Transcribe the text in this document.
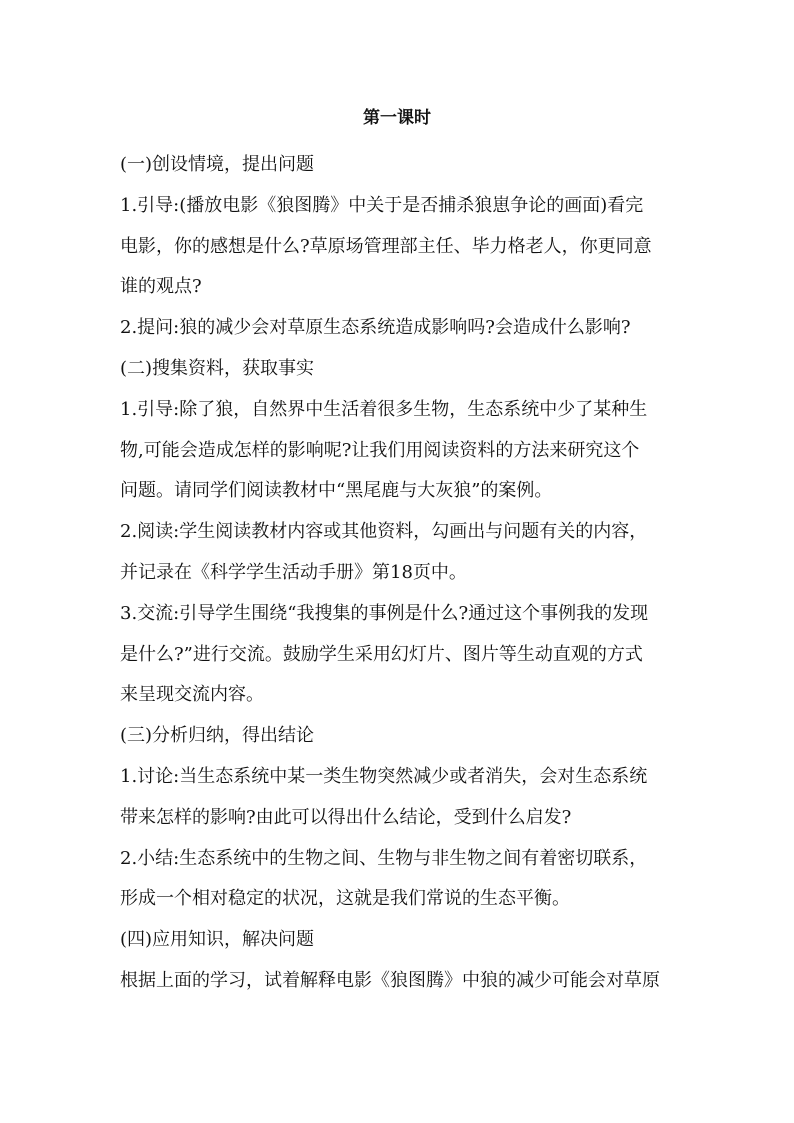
第一课时

(一)创设情境，提出问题

1.引导:(播放电影《狼图腾》中关于是否捕杀狼崽争论的画面)看完

电影，你的感想是什么?草原场管理部主任、毕力格老人，你更同意

谁的观点?

2.提问:狼的减少会对草原生态系统造成影响吗?会造成什么影响?

(二)搜集资料，获取事实

1.引导:除了狼，自然界中生活着很多生物，生态系统中少了某种生

物,可能会造成怎样的影响呢?让我们用阅读资料的方法来研究这个

问题。请同学们阅读教材中“黑尾鹿与大灰狼”的案例。

2.阅读:学生阅读教材内容或其他资料，勾画出与问题有关的内容，

并记录在《科学学生活动手册》第18页中。

3.交流:引导学生围绕“我搜集的事例是什么?通过这个事例我的发现

是什么?”进行交流。鼓励学生采用幻灯片、图片等生动直观的方式

来呈现交流内容。

(三)分析归纳，得出结论

1.讨论:当生态系统中某一类生物突然减少或者消失，会对生态系统

带来怎样的影响?由此可以得出什么结论，受到什么启发?

2.小结:生态系统中的生物之间、生物与非生物之间有着密切联系，

形成一个相对稳定的状况，这就是我们常说的生态平衡。

(四)应用知识，解决问题

根据上面的学习，试着解释电影《狼图腾》中狼的减少可能会对草原
